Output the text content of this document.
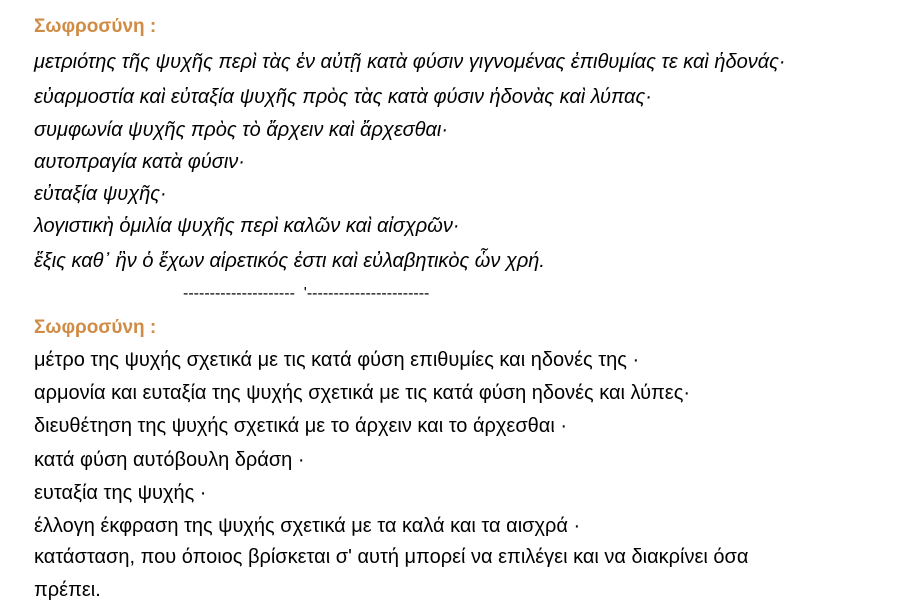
Σωφροσύνη :
μετριότης τῆς ψυχῆς περὶ τὰς ἐν αὐτῇ κατὰ φύσιν γιγνομένας ἐπιθυμίας τε καὶ ἡδονάς·
εὐαρμοστία καὶ εὐταξία ψυχῆς πρὸς τὰς κατὰ φύσιν ἡδονὰς καὶ λύπας·
συμφωνία ψυχῆς πρὸς τὸ ἄρχειν καὶ ἄρχεσθαι·
αυτοπραγία κατὰ φύσιν·
εὐταξία ψυχῆς·
λογιστικὴ ὁμιλία ψυχῆς περὶ καλῶν καὶ αἰσχρῶν·
ἕξις καθ᾿ ἣν ὁ ἔχων αἱρετικός ἐστι καὶ εὐλαβητικὸς ὧν χρή.
---------------------  '-----------------------
Σωφροσύνη :
μέτρο της ψυχής σχετικά με τις κατά φύση επιθυμίες και ηδονές της ·
αρμονία και ευταξία της ψυχής σχετικά με τις κατά φύση ηδονές και λύπες·
διευθέτηση της ψυχής σχετικά με το άρχειν και το άρχεσθαι ·
κατά φύση αυτόβουλη δράση ·
ευταξία της ψυχής ·
έλλογη έκφραση της ψυχής σχετικά με τα καλά και τα αισχρά ·
κατάσταση, που όποιος βρίσκεται σ' αυτή μπορεί να επιλέγει και να διακρίνει όσα
πρέπει.
